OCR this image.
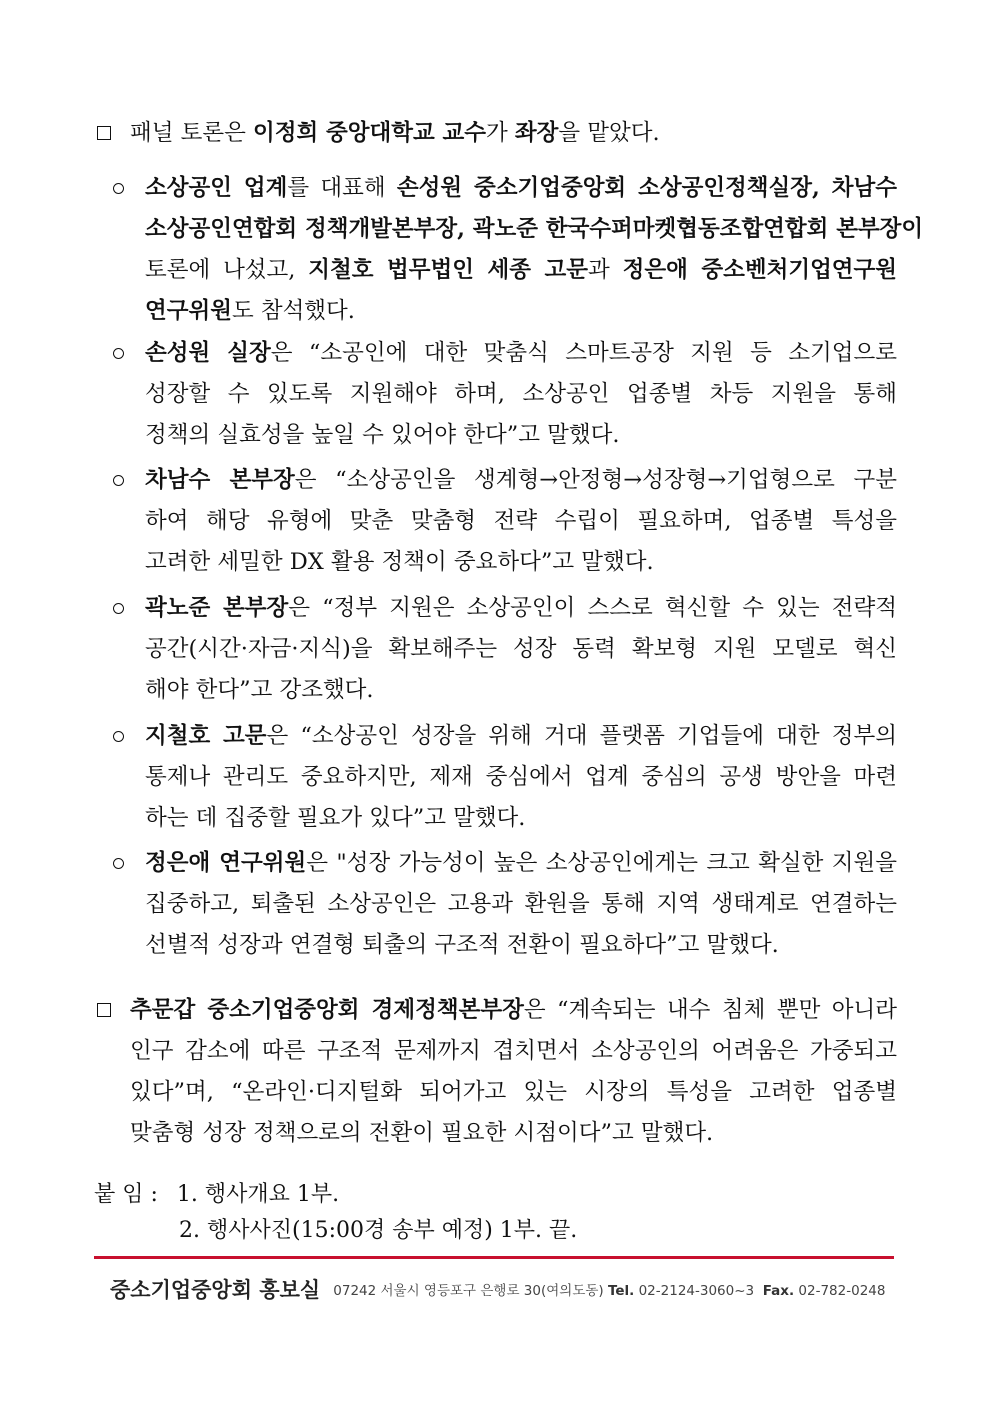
패널 토론은 이정희 중앙대학교 교수가 좌장을 맡았다.
소상공인 업계를 대표해 손성원 중소기업중앙회 소상공인정책실장, 차남수
소상공인연합회 정책개발본부장, 곽노준 한국수퍼마켓협동조합연합회 본부장이
토론에 나섰고, 지철호 법무법인 세종 고문과 정은애 중소벤처기업연구원
연구위원도 참석했다.
손성원 실장은 “소공인에 대한 맞춤식 스마트공장 지원 등 소기업으로
성장할 수 있도록 지원해야 하며, 소상공인 업종별 차등 지원을 통해
정책의 실효성을 높일 수 있어야 한다”고 말했다.
차남수 본부장은 “소상공인을 생계형→안정형→성장형→기업형으로 구분
하여 해당 유형에 맞춘 맞춤형 전략 수립이 필요하며, 업종별 특성을
고려한 세밀한 DX 활용 정책이 중요하다”고 말했다.
곽노준 본부장은 “정부 지원은 소상공인이 스스로 혁신할 수 있는 전략적
공간(시간·자금·지식)을 확보해주는 성장 동력 확보형 지원 모델로 혁신
해야 한다”고 강조했다.
지철호 고문은 “소상공인 성장을 위해 거대 플랫폼 기업들에 대한 정부의
통제나 관리도 중요하지만, 제재 중심에서 업계 중심의 공생 방안을 마련
하는 데 집중할 필요가 있다”고 말했다.
정은애 연구위원은 "성장 가능성이 높은 소상공인에게는 크고 확실한 지원을
집중하고, 퇴출된 소상공인은 고용과 환원을 통해 지역 생태계로 연결하는
선별적 성장과 연결형 퇴출의 구조적 전환이 필요하다”고 말했다.
추문갑 중소기업중앙회 경제정책본부장은 “계속되는 내수 침체 뿐만 아니라
인구 감소에 따른 구조적 문제까지 겹치면서 소상공인의 어려움은 가중되고
있다”며, “온라인·디지털화 되어가고 있는 시장의 특성을 고려한 업종별
맞춤형 성장 정책으로의 전환이 필요한 시점이다”고 말했다.
붙 임 : 1. 행사개요 1부.
2. 행사사진(15:00경 송부 예정) 1부. 끝.
중소기업중앙회 홍보실 07242 서울시 영등포구 은행로 30(여의도동) Tel. 02-2124-3060~3 Fax. 02-782-0248
